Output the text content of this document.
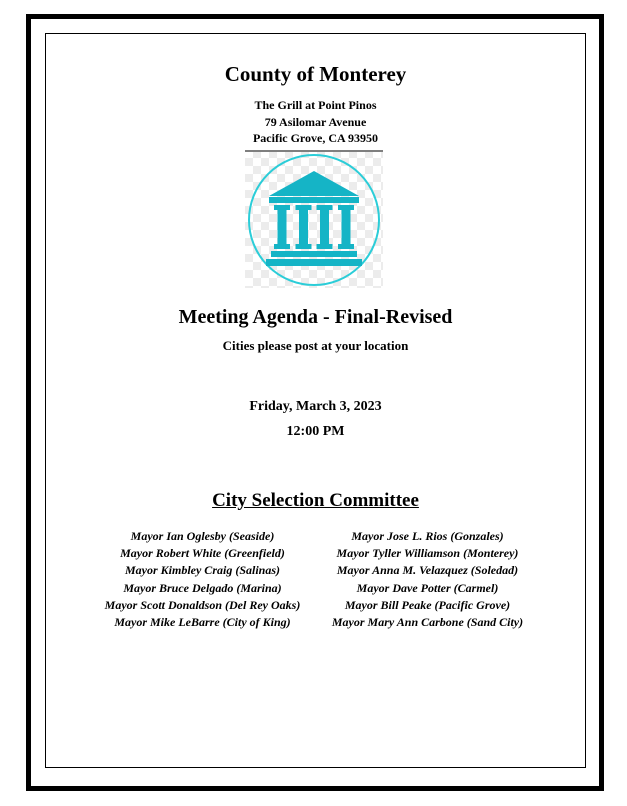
County of Monterey
The Grill at Point Pinos
79 Asilomar Avenue
Pacific Grove, CA 93950
Meeting Agenda - Final-Revised
Cities please post at your location
Friday, March 3, 2023
12:00 PM
City Selection Committee
Mayor Ian Oglesby (Seaside)
Mayor Robert White (Greenfield)
Mayor Kimbley Craig (Salinas)
Mayor Bruce Delgado (Marina)
Mayor Scott Donaldson (Del Rey Oaks)
Mayor Mike LeBarre (City of King)
Mayor Jose L. Rios (Gonzales)
Mayor Tyller Williamson (Monterey)
Mayor Anna M. Velazquez (Soledad)
Mayor Dave Potter (Carmel)
Mayor Bill Peake (Pacific Grove)
Mayor Mary Ann Carbone (Sand City)
